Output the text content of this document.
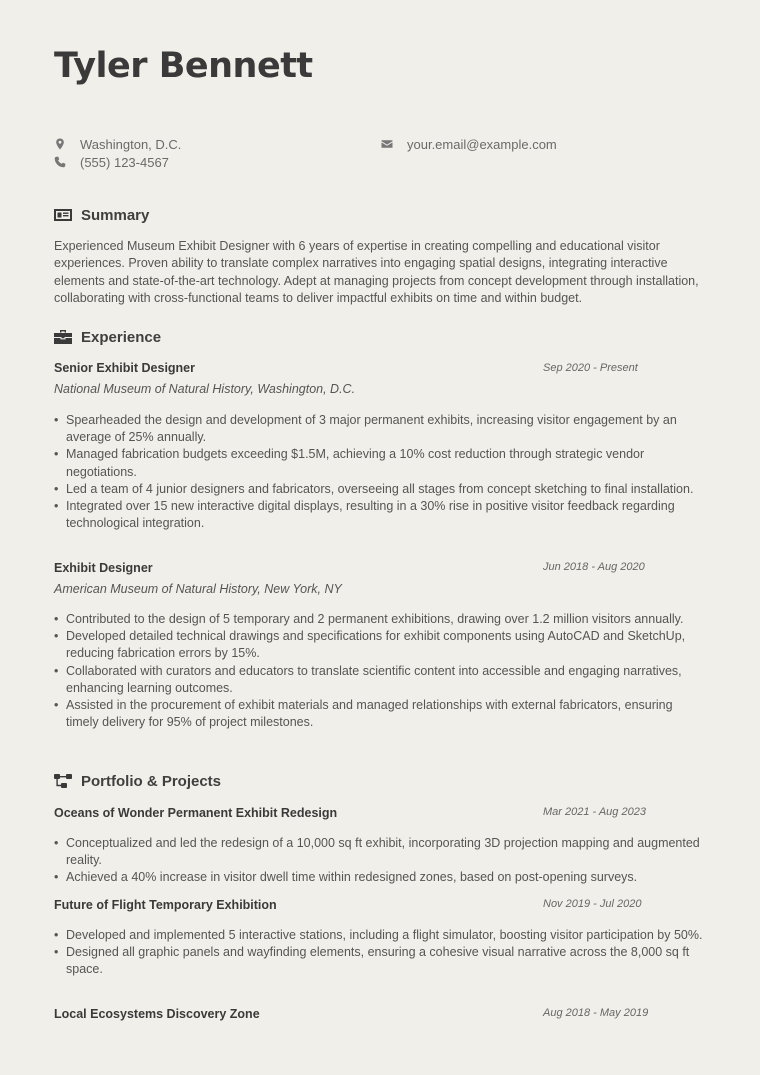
Tyler Bennett
Washington, D.C.
(555) 123-4567
your.email@example.com
Summary

Experienced Museum Exhibit Designer with 6 years of expertise in creating compelling and educational visitor experiences. Proven ability to translate complex narratives into engaging spatial designs, integrating interactive elements and state-of-the-art technology. Adept at managing projects from concept development through installation, collaborating with cross-functional teams to deliver impactful exhibits on time and within budget.

Experience
Senior Exhibit Designer	Sep 2020 - Present
National Museum of Natural History, Washington, D.C.
• Spearheaded the design and development of 3 major permanent exhibits, increasing visitor engagement by an average of 25% annually.
• Managed fabrication budgets exceeding $1.5M, achieving a 10% cost reduction through strategic vendor negotiations.
• Led a team of 4 junior designers and fabricators, overseeing all stages from concept sketching to final installation.
• Integrated over 15 new interactive digital displays, resulting in a 30% rise in positive visitor feedback regarding technological integration.
Exhibit Designer	Jun 2018 - Aug 2020
American Museum of Natural History, New York, NY
• Contributed to the design of 5 temporary and 2 permanent exhibitions, drawing over 1.2 million visitors annually.
• Developed detailed technical drawings and specifications for exhibit components using AutoCAD and SketchUp, reducing fabrication errors by 15%.
• Collaborated with curators and educators to translate scientific content into accessible and engaging narratives, enhancing learning outcomes.
• Assisted in the procurement of exhibit materials and managed relationships with external fabricators, ensuring timely delivery for 95% of project milestones.
Portfolio & Projects
Oceans of Wonder Permanent Exhibit Redesign	Mar 2021 - Aug 2023
• Conceptualized and led the redesign of a 10,000 sq ft exhibit, incorporating 3D projection mapping and augmented reality.
• Achieved a 40% increase in visitor dwell time within redesigned zones, based on post-opening surveys.
Future of Flight Temporary Exhibition	Nov 2019 - Jul 2020
• Developed and implemented 5 interactive stations, including a flight simulator, boosting visitor participation by 50%.
• Designed all graphic panels and wayfinding elements, ensuring a cohesive visual narrative across the 8,000 sq ft space.
Local Ecosystems Discovery Zone	Aug 2018 - May 2019
